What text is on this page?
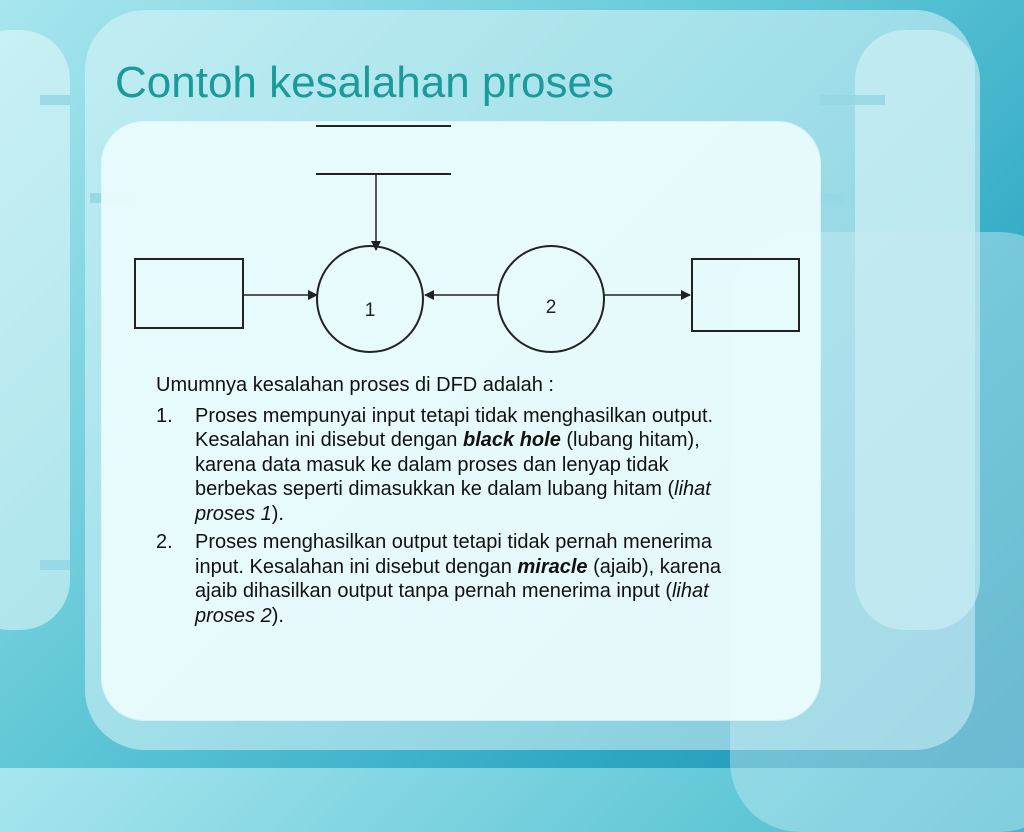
Contoh kesalahan proses
1	2

Umumnya kesalahan proses di DFD adalah :

1. Proses mempunyai input tetapi tidak menghasilkan output. Kesalahan ini disebut dengan black hole (lubang hitam), karena data masuk ke dalam proses dan lenyap tidak berbekas seperti dimasukkan ke dalam lubang hitam (lihat proses 1).
2. Proses menghasilkan output tetapi tidak pernah menerima input. Kesalahan ini disebut dengan miracle (ajaib), karena ajaib dihasilkan output tanpa pernah menerima input (lihat proses 2).
